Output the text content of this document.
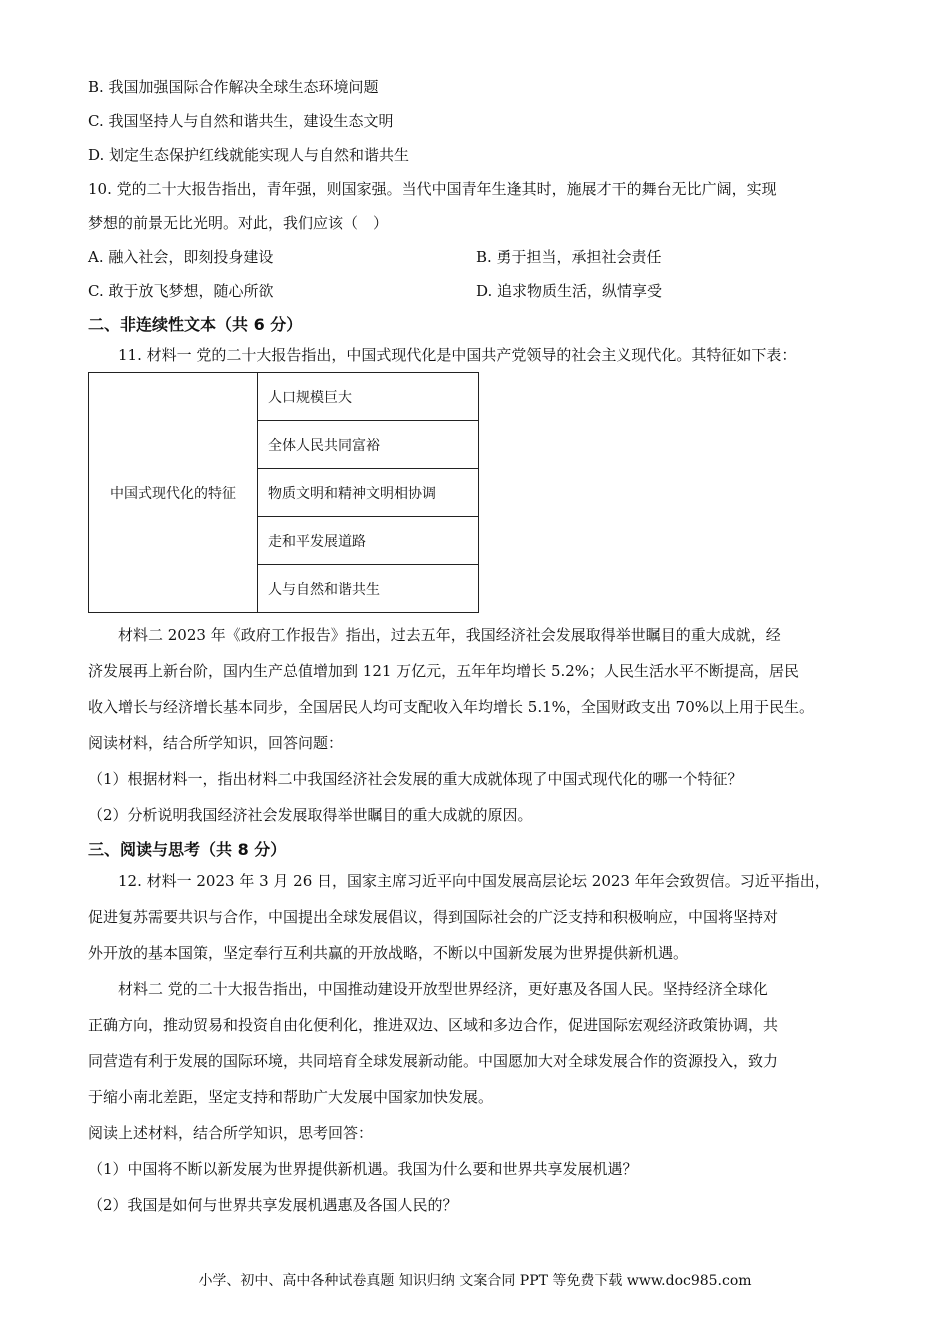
B. 我国加强国际合作解决全球生态环境问题

C. 我国坚持人与自然和谐共生，建设生态文明

D. 划定生态保护红线就能实现人与自然和谐共生

10. 党的二十大报告指出，青年强，则国家强。当代中国青年生逢其时，施展才干的舞台无比广阔，实现

梦想的前景无比光明。对此，我们应该（　）

A. 融入社会，即刻投身建设	B. 勇于担当，承担社会责任
C. 敢于放飞梦想，随心所欲	D. 追求物质生活，纵情享受

二、非连续性文本（共 6 分）

11. 材料一 党的二十大报告指出，中国式现代化是中国共产党领导的社会主义现代化。其特征如下表：

中国式现代化的特征	人口规模巨大
全体人民共同富裕
物质文明和精神文明相协调
走和平发展道路
人与自然和谐共生

材料二 2023 年《政府工作报告》指出，过去五年，我国经济社会发展取得举世瞩目的重大成就，经

济发展再上新台阶，国内生产总值增加到 121 万亿元，五年年均增长 5.2%；人民生活水平不断提高，居民

收入增长与经济增长基本同步，全国居民人均可支配收入年均增长 5.1%，全国财政支出 70%以上用于民生。

阅读材料，结合所学知识，回答问题：

（1）根据材料一，指出材料二中我国经济社会发展的重大成就体现了中国式现代化的哪一个特征？

（2）分析说明我国经济社会发展取得举世瞩目的重大成就的原因。

三、阅读与思考（共 8 分）

12. 材料一 2023 年 3 月 26 日，国家主席习近平向中国发展高层论坛 2023 年年会致贺信。习近平指出，

促进复苏需要共识与合作，中国提出全球发展倡议，得到国际社会的广泛支持和积极响应，中国将坚持对

外开放的基本国策，坚定奉行互利共赢的开放战略，不断以中国新发展为世界提供新机遇。

材料二 党的二十大报告指出，中国推动建设开放型世界经济，更好惠及各国人民。坚持经济全球化

正确方向，推动贸易和投资自由化便利化，推进双边、区域和多边合作，促进国际宏观经济政策协调，共

同营造有利于发展的国际环境，共同培育全球发展新动能。中国愿加大对全球发展合作的资源投入，致力

于缩小南北差距，坚定支持和帮助广大发展中国家加快发展。

阅读上述材料，结合所学知识，思考回答：

（1）中国将不断以新发展为世界提供新机遇。我国为什么要和世界共享发展机遇？

（2）我国是如何与世界共享发展机遇惠及各国人民的？

小学、初中、高中各种试卷真题 知识归纳 文案合同 PPT 等免费下载 www.doc985.com
